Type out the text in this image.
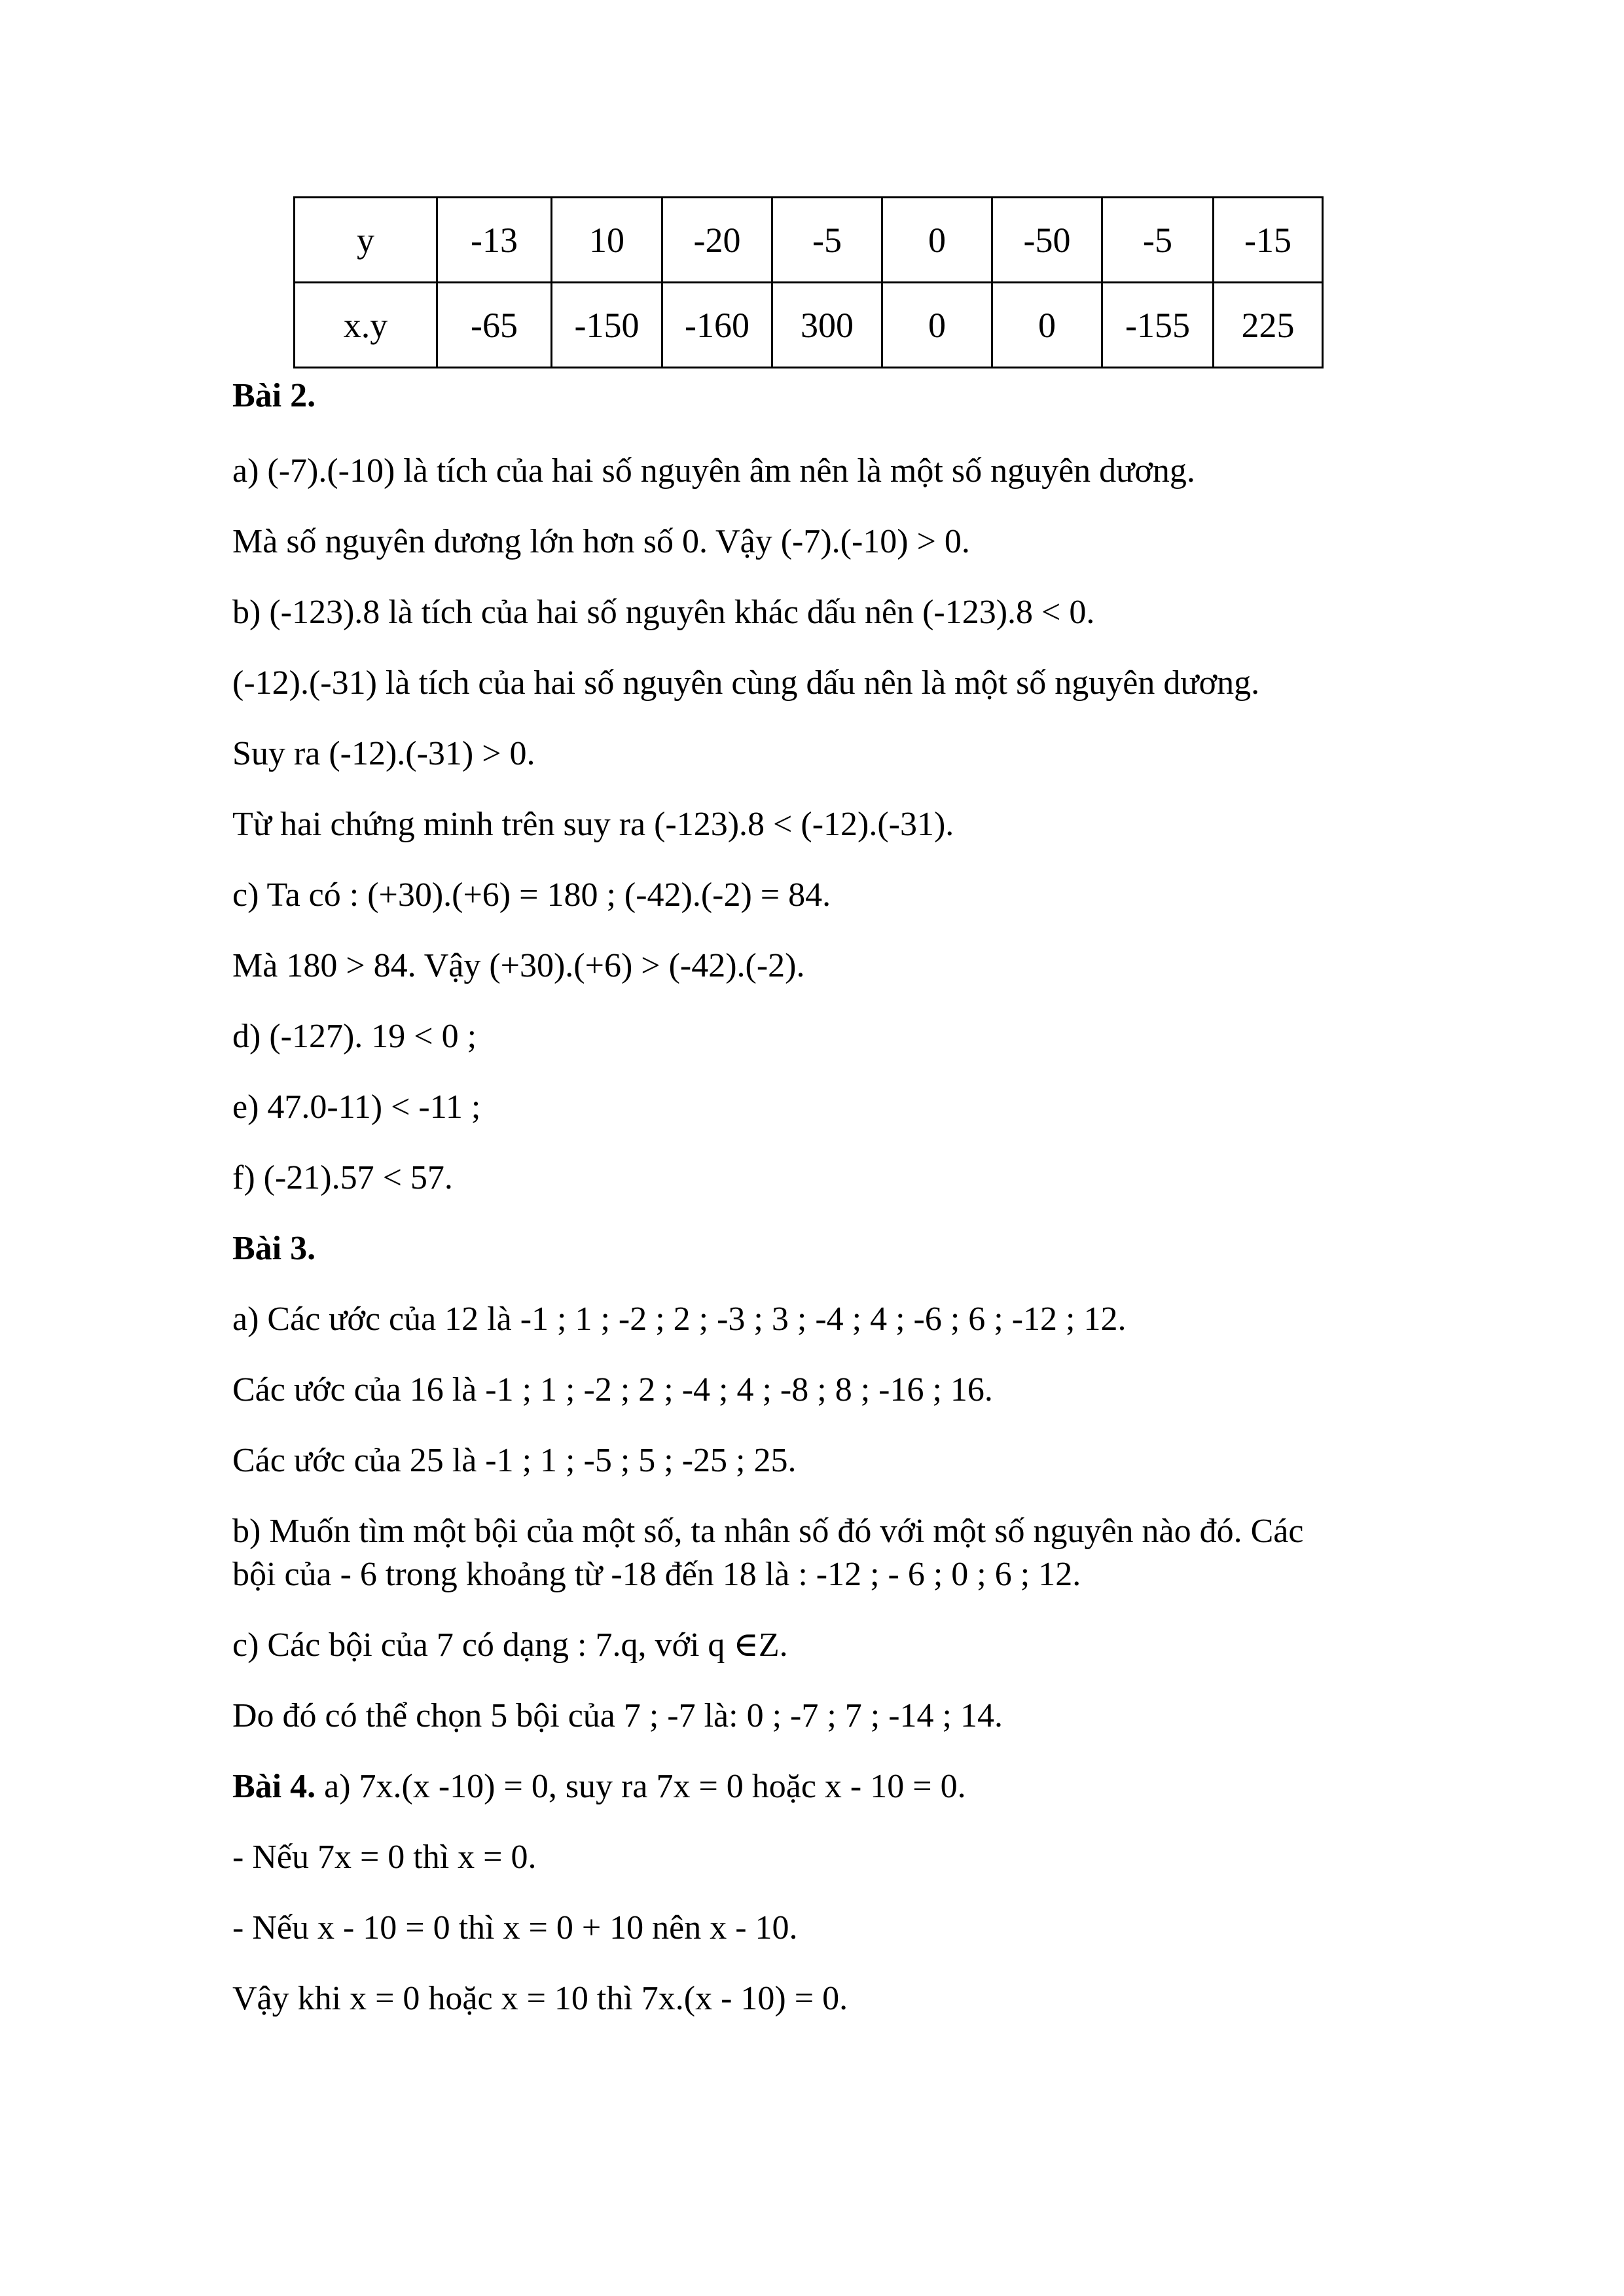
y	-13	10	-20	-5	0	-50	-5	-15
x.y	-65	-150	-160	300	0	0	-155	225
Bài 2.
a) (-7).(-10) là tích của hai số nguyên âm nên là một số nguyên dương.
Mà số nguyên dương lớn hơn số 0. Vậy (-7).(-10) > 0.
b) (-123).8 là tích của hai số nguyên khác dấu nên (-123).8 < 0.
(-12).(-31) là tích của hai số nguyên cùng dấu nên là một số nguyên dương.
Suy ra (-12).(-31) > 0.
Từ hai chứng minh trên suy ra (-123).8 < (-12).(-31).
c) Ta có : (+30).(+6) = 180 ; (-42).(-2) = 84.
Mà 180 > 84. Vậy (+30).(+6) > (-42).(-2).
d) (-127). 19 < 0 ;
e) 47.0-11) < -11 ;
f) (-21).57 < 57.
Bài 3.
a) Các ước của 12 là -1 ; 1 ; -2 ; 2 ; -3 ; 3 ; -4 ; 4 ; -6 ; 6 ; -12 ; 12.
Các ước của 16 là -1 ; 1 ; -2 ; 2 ; -4 ; 4 ; -8 ; 8 ; -16 ; 16.
Các ước của 25 là -1 ; 1 ; -5 ; 5 ; -25 ; 25.
b) Muốn tìm một bội của một số, ta nhân số đó với một số nguyên nào đó. Các
bội của - 6 trong khoảng từ -18 đến 18 là : -12 ; - 6 ; 0 ; 6 ; 12.
c) Các bội của 7 có dạng : 7.q, với q ∈Z.
Do đó có thể chọn 5 bội của 7 ; -7 là: 0 ; -7 ; 7 ; -14 ; 14.
Bài 4. a) 7x.(x -10) = 0, suy ra 7x = 0 hoặc x - 10 = 0.
- Nếu 7x = 0 thì x = 0.
- Nếu x - 10 = 0 thì x = 0 + 10 nên x - 10.
Vậy khi x = 0 hoặc x = 10 thì 7x.(x - 10) = 0.
